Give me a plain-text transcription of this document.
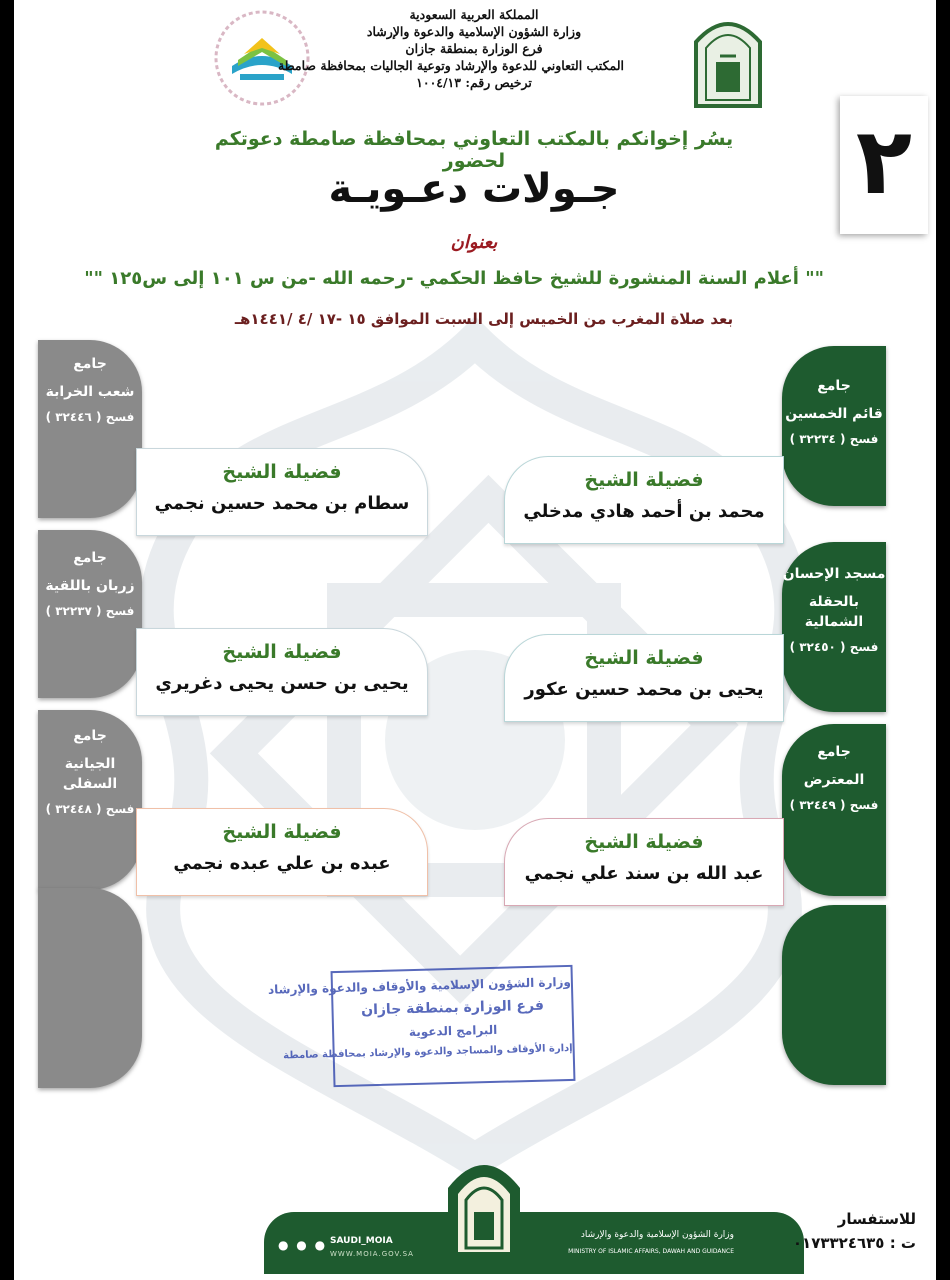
المملكة العربية السعودية
وزارة الشؤون الإسلامية والدعوة والإرشاد
فرع الوزارة بمنطقة جازان
المكتب التعاوني للدعوة والإرشاد وتوعية الجاليات بمحافظة صامطة
ترخيص رقم: ١٠٠٤/١٣
٢
يسُر إخوانكم بالمكتب التعاوني بمحافظة صامطة دعوتكم لحضور
جـولات دعـويـة
بعنوان
"" أعلام السنة المنشورة للشيخ حافظ الحكمي -رحمه الله -من س ١٠١ إلى س١٢٥ ""
بعد صلاة المغرب من الخميس إلى السبت الموافق ١٥ -١٧ /٤ /١٤٤١هـ
جامع
شعب الخرابة
فسح ( ٣٢٤٤٦ )
جامع
زربان باللقية
فسح ( ٣٢٢٣٧ )
جامع
الجيانية السفلى
فسح ( ٣٢٤٤٨ )
جامع
قائم الخمسين
فسح ( ٣٢٢٣٤ )
مسجد الإحسان
بالحقلة الشمالية
فسح ( ٣٢٤٥٠ )
جامع
المعترض
فسح ( ٣٢٤٤٩ )
فضيلة الشيخ
سطام بن محمد حسين نجمي
فضيلة الشيخ
يحيى بن حسن يحيى دغريري
فضيلة الشيخ
عبده بن علي عبده نجمي
فضيلة الشيخ
محمد بن أحمد هادي مدخلي
فضيلة الشيخ
يحيى بن محمد حسين عكور
فضيلة الشيخ
عبد الله بن سند علي نجمي
وزارة الشؤون الإسلامية والأوقاف والدعوة والإرشاد
فرع الوزارة بمنطقة جازان
البرامج الدعوية
إدارة الأوقاف والمساجد والدعوة والإرشاد بمحافظة صامطة
● ● ● SAUDI_MOIA
WWW.MOIA.GOV.SA
وزارة الشؤون الإسلامية والدعوة والإرشاد
MINISTRY OF ISLAMIC AFFAIRS, DAWAH AND GUIDANCE
للاستفسار
ت : ٠١٧٣٣٢٤٦٣٥
